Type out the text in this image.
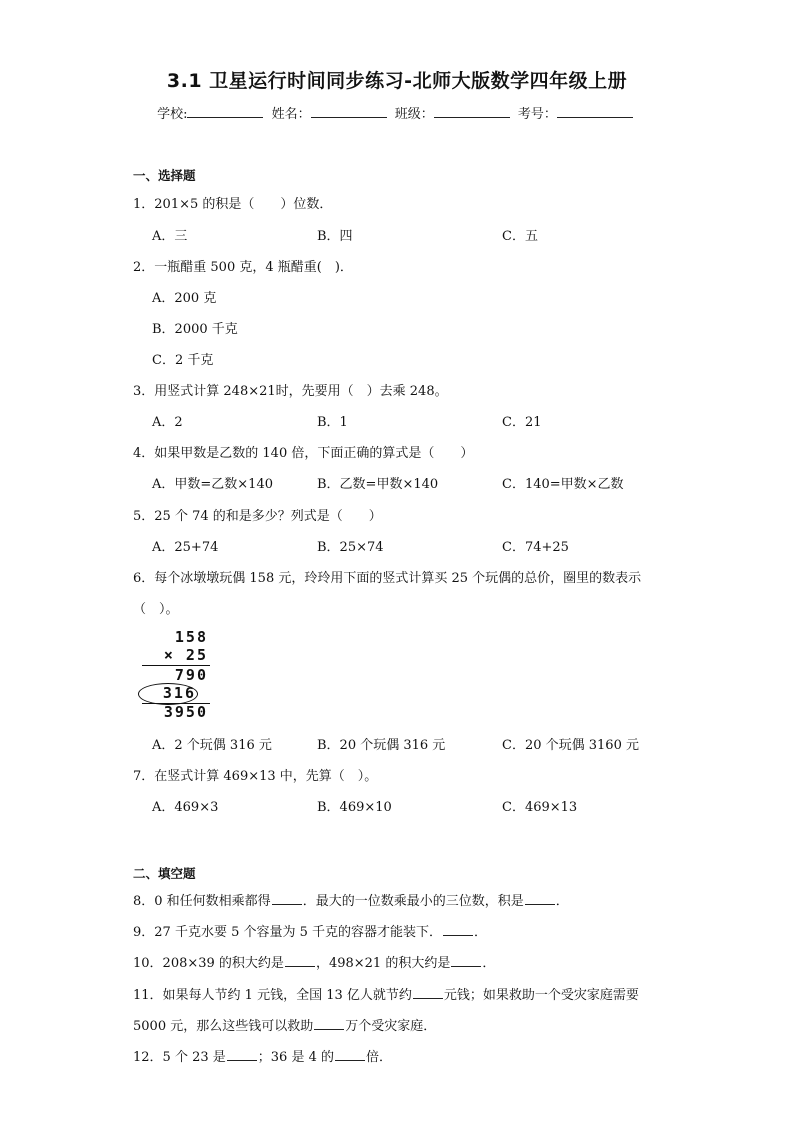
3.1 卫星运行时间同步练习-北师大版数学四年级上册
学校:	姓名：	班级：	考号：
一、选择题
1．201×5 的积是（　　）位数．
A．三	B．四	C．五
2．一瓶醋重 500 克，4 瓶醋重(　)．
A．200 克
B．2000 千克
C．2 千克
3．用竖式计算 248×21时，先要用（　）去乘 248。
A．2	B．1	C．21
4．如果甲数是乙数的 140 倍，下面正确的算式是（　　）
A．甲数=乙数×140	B．乙数=甲数×140	C．140=甲数×乙数
5．25 个 74 的和是多少？列式是（　　）
A．25+74	B．25×74	C．74+25
6．每个冰墩墩玩偶 158 元，玲玲用下面的竖式计算买 25 个玩偶的总价，圈里的数表示
（　）。
158
× 25
790
316
3950
A．2 个玩偶 316 元	B．20 个玩偶 316 元	C．20 个玩偶 3160 元
7．在竖式计算 469×13 中，先算（　）。
A．469×3	B．469×10	C．469×13
二、填空题
8．0 和任何数相乘都得 ．最大的一位数乘最小的三位数，积是 ．
9．27 千克水要 5 个容量为 5 千克的容器才能装下． ．
10．208×39 的积大约是 ，498×21 的积大约是 ．
11．如果每人节约 1 元钱，全国 13 亿人就节约 元钱；如果救助一个受灾家庭需要
5000 元，那么这些钱可以救助 万个受灾家庭．
12．5 个 23 是 ；36 是 4 的 倍．
